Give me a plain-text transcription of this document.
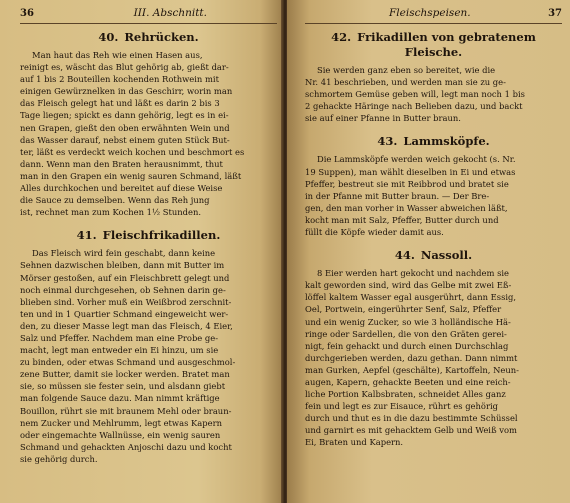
36	III. Abschnitt.
40. Rehrücken.
Man haut das Reh wie einen Hasen aus,
reinigt es, wäscht das Blut gehörig ab, gießt dar-
auf 1 bis 2 Bouteillen kochenden Rothwein mit
einigen Gewürznelken in das Geschirr, worin man
das Fleisch gelegt hat und läßt es darin 2 bis 3
Tage liegen; spickt es dann gehörig, legt es in ei-
nen Grapen, gießt den oben erwähnten Wein und
das Wasser darauf, nebst einem guten Stück But-
ter, läßt es verdeckt weich kochen und beschmort es
dann. Wenn man den Braten herausnimmt, thut
man in den Grapen ein wenig sauren Schmand, läßt
Alles durchkochen und bereitet auf diese Weise
die Sauce zu demselben. Wenn das Reh jung
ist, rechnet man zum Kochen 1½ Stunden.
41. Fleischfrikadillen.
Das Fleisch wird fein geschabt, dann keine
Sehnen dazwischen bleiben, dann mit Butter im
Mörser gestoßen, auf ein Fleischbrett gelegt und
noch einmal durchgesehen, ob Sehnen darin ge-
blieben sind. Vorher muß ein Weißbrod zerschnit-
ten und in 1 Quartier Schmand eingeweicht wer-
den, zu dieser Masse legt man das Fleisch, 4 Eier,
Salz und Pfeffer. Nachdem man eine Probe ge-
macht, legt man entweder ein Ei hinzu, um sie
zu binden, oder etwas Schmand und ausgeschmol-
zene Butter, damit sie locker werden. Bratet man
sie, so müssen sie fester sein, und alsdann giebt
man folgende Sauce dazu. Man nimmt kräftige
Bouillon, rührt sie mit braunem Mehl oder braun-
nem Zucker und Mehlrumm, legt etwas Kapern
oder eingemachte Wallnüsse, ein wenig sauren
Schmand und gehackten Anjoschi dazu und kocht
sie gehörig durch.
Fleischspeisen.	37
42. Frikadillen von gebratenem
Fleische.
Sie werden ganz eben so bereitet, wie die
Nr. 41 beschrieben, und werden man sie zu ge-
schmortem Gemüse geben will, legt man noch 1 bis
2 gehackte Häringe nach Belieben dazu, und backt
sie auf einer Pfanne in Butter braun.
43. Lammsköpfe.
Die Lammsköpfe werden weich gekocht (s. Nr.
19 Suppen), man wählt dieselben in Ei und etwas
Pfeffer, bestreut sie mit Reibbrod und bratet sie
in der Pfanne mit Butter braun. — Der Bre-
gen, den man vorher in Wasser abweichen läßt,
kocht man mit Salz, Pfeffer, Butter durch und
füllt die Köpfe wieder damit aus.
44. Nassoll.
8 Eier werden hart gekocht und nachdem sie
kalt geworden sind, wird das Gelbe mit zwei Eß-
löffel kaltem Wasser egal ausgerührt, dann Essig,
Oel, Portwein, eingerührter Senf, Salz, Pfeffer
und ein wenig Zucker, so wie 3 holländische Hä-
ringe oder Sardellen, die von den Gräten gerei-
nigt, fein gehackt und durch einen Durchschlag
durchgerieben werden, dazu gethan. Dann nimmt
man Gurken, Aepfel (geschälte), Kartoffeln, Neun-
augen, Kapern, gehackte Beeten und eine reich-
liche Portion Kalbsbraten, schneidet Alles ganz
fein und legt es zur Eisauce, rührt es gehörig
durch und thut es in die dazu bestimmte Schüssel
und garnirt es mit gehacktem Gelb und Weiß vom
Ei, Braten und Kapern.
